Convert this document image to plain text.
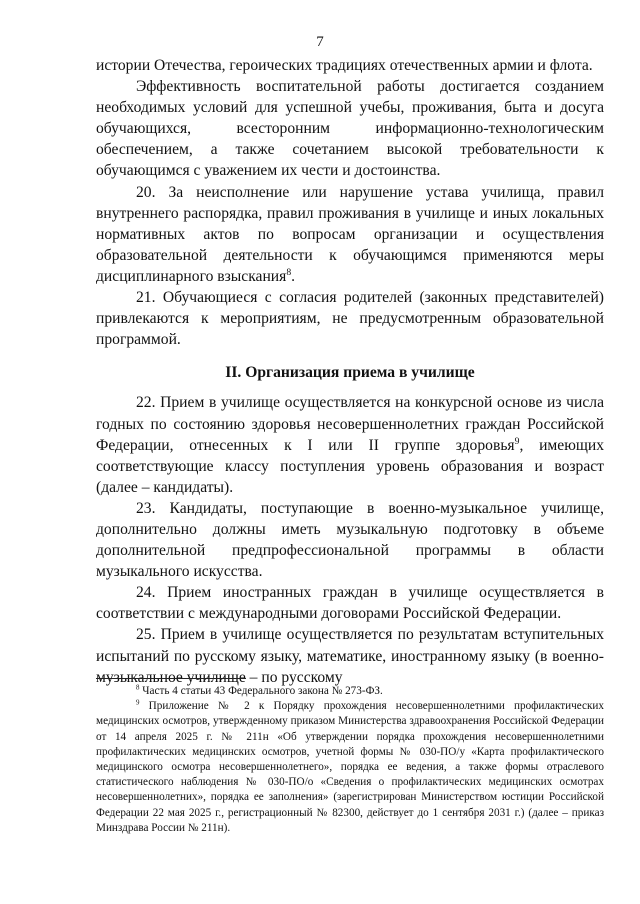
7

истории Отечества, героических традициях отечественных армии и флота.

Эффективность воспитательной работы достигается созданием необходимых условий для успешной учебы, проживания, быта и досуга обучающихся, всесторонним информационно-технологическим обеспечением, а также сочетанием высокой требовательности к обучающимся с уважением их чести и достоинства.

20. За неисполнение или нарушение устава училища, правил внутреннего распорядка, правил проживания в училище и иных локальных нормативных актов по вопросам организации и осуществления образовательной деятельности к обучающимся применяются меры дисциплинарного взыскания$^8$.

21. Обучающиеся с согласия родителей (законных представителей) привлекаются к мероприятиям, не предусмотренным образовательной программой.

II. Организация приема в училище

22. Прием в училище осуществляется на конкурсной основе из числа годных по состоянию здоровья несовершеннолетних граждан Российской Федерации, отнесенных к I или II группе здоровья$^9$, имеющих соответствующие классу поступления уровень образования и возраст (далее – кандидаты).

23. Кандидаты, поступающие в военно-музыкальное училище, дополнительно должны иметь музыкальную подготовку в объеме дополнительной предпрофессиональной программы в области музыкального искусства.

24. Прием иностранных граждан в училище осуществляется в соответствии с международными договорами Российской Федерации.

25. Прием в училище осуществляется по результатам вступительных испытаний по русскому языку, математике, иностранному языку (в военно-музыкальное училище – по русскому

$^8$ Часть 4 статьи 43 Федерального закона № 273-ФЗ.

$^9$ Приложение № 2 к Порядку прохождения несовершеннолетними профилактических медицинских осмотров, утвержденному приказом Министерства здравоохранения Российской Федерации от 14 апреля 2025 г. № 211н «Об утверждении порядка прохождения несовершеннолетними профилактических медицинских осмотров, учетной формы № 030-ПО/у «Карта профилактического медицинского осмотра несовершеннолетнего», порядка ее ведения, а также формы отраслевого статистического наблюдения № 030-ПО/о «Сведения о профилактических медицинских осмотрах несовершеннолетних», порядка ее заполнения» (зарегистрирован Министерством юстиции Российской Федерации 22 мая 2025 г., регистрационный № 82300, действует до 1 сентября 2031 г.) (далее – приказ Минздрава России № 211н).
